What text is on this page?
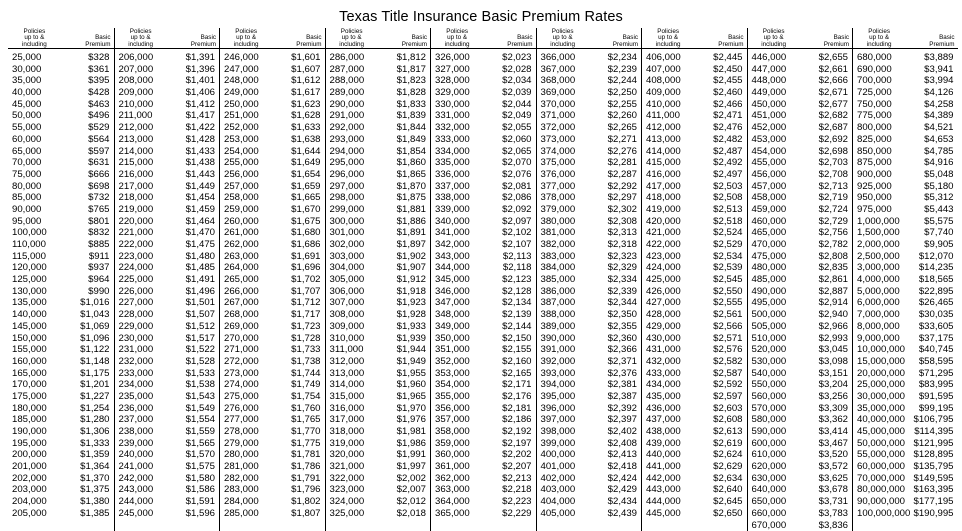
Texas Title Insurance Basic Premium Rates
Policies
up to &
including

Basic
Premium
25,000	$328
30,000	$361
35,000	$395
40,000	$428
45,000	$463
50,000	$496
55,000	$529
60,000	$564
65,000	$597
70,000	$631
75,000	$666
80,000	$698
85,000	$732
90,000	$765
95,000	$801
100,000	$832
110,000	$885
115,000	$911
120,000	$937
125,000	$964
130,000	$990
135,000	$1,016
140,000	$1,043
145,000	$1,069
150,000	$1,096
155,000	$1,122
160,000	$1,148
165,000	$1,175
170,000	$1,201
175,000	$1,227
180,000	$1,254
185,000	$1,280
190,000	$1,306
195,000	$1,333
200,000	$1,359
201,000	$1,364
202,000	$1,370
203,000	$1,375
204,000	$1,380
205,000	$1,385
Policies
up to &
including

Basic
Premium
206,000	$1,391
207,000	$1,396
208,000	$1,401
209,000	$1,406
210,000	$1,412
211,000	$1,417
212,000	$1,422
213,000	$1,428
214,000	$1,433
215,000	$1,438
216,000	$1,443
217,000	$1,449
218,000	$1,454
219,000	$1,459
220,000	$1,464
221,000	$1,470
222,000	$1,475
223,000	$1,480
224,000	$1,485
225,000	$1,491
226,000	$1,496
227,000	$1,501
228,000	$1,507
229,000	$1,512
230,000	$1,517
231,000	$1,522
232,000	$1,528
233,000	$1,533
234,000	$1,538
235,000	$1,543
236,000	$1,549
237,000	$1,554
238,000	$1,559
239,000	$1,565
240,000	$1,570
241,000	$1,575
242,000	$1,580
243,000	$1,586
244,000	$1,591
245,000	$1,596
Policies
up to &
including

Basic
Premium
246,000	$1,601
247,000	$1,607
248,000	$1,612
249,000	$1,617
250,000	$1,623
251,000	$1,628
252,000	$1,633
253,000	$1,638
254,000	$1,644
255,000	$1,649
256,000	$1,654
257,000	$1,659
258,000	$1,665
259,000	$1,670
260,000	$1,675
261,000	$1,680
262,000	$1,686
263,000	$1,691
264,000	$1,696
265,000	$1,702
266,000	$1,707
267,000	$1,712
268,000	$1,717
269,000	$1,723
270,000	$1,728
271,000	$1,733
272,000	$1,738
273,000	$1,744
274,000	$1,749
275,000	$1,754
276,000	$1,760
277,000	$1,765
278,000	$1,770
279,000	$1,775
280,000	$1,781
281,000	$1,786
282,000	$1,791
283,000	$1,796
284,000	$1,802
285,000	$1,807
Policies
up to &
including

Basic
Premium
286,000	$1,812
287,000	$1,817
288,000	$1,823
289,000	$1,828
290,000	$1,833
291,000	$1,839
292,000	$1,844
293,000	$1,849
294,000	$1,854
295,000	$1,860
296,000	$1,865
297,000	$1,870
298,000	$1,875
299,000	$1,881
300,000	$1,886
301,000	$1,891
302,000	$1,897
303,000	$1,902
304,000	$1,907
305,000	$1,912
306,000	$1,918
307,000	$1,923
308,000	$1,928
309,000	$1,933
310,000	$1,939
311,000	$1,944
312,000	$1,949
313,000	$1,955
314,000	$1,960
315,000	$1,965
316,000	$1,970
317,000	$1,976
318,000	$1,981
319,000	$1,986
320,000	$1,991
321,000	$1,997
322,000	$2,002
323,000	$2,007
324,000	$2,012
325,000	$2,018
Policies
up to &
including

Basic
Premium
326,000	$2,023
327,000	$2,028
328,000	$2,034
329,000	$2,039
330,000	$2,044
331,000	$2,049
332,000	$2,055
333,000	$2,060
334,000	$2,065
335,000	$2,070
336,000	$2,076
337,000	$2,081
338,000	$2,086
339,000	$2,092
340,000	$2,097
341,000	$2,102
342,000	$2,107
343,000	$2,113
344,000	$2,118
345,000	$2,123
346,000	$2,128
347,000	$2,134
348,000	$2,139
349,000	$2,144
350,000	$2,150
351,000	$2,155
352,000	$2,160
353,000	$2,165
354,000	$2,171
355,000	$2,176
356,000	$2,181
357,000	$2,186
358,000	$2,192
359,000	$2,197
360,000	$2,202
361,000	$2,207
362,000	$2,213
363,000	$2,218
364,000	$2,223
365,000	$2,229
Policies
up to &
including

Basic
Premium
366,000	$2,234
367,000	$2,239
368,000	$2,244
369,000	$2,250
370,000	$2,255
371,000	$2,260
372,000	$2,265
373,000	$2,271
374,000	$2,276
375,000	$2,281
376,000	$2,287
377,000	$2,292
378,000	$2,297
379,000	$2,302
380,000	$2,308
381,000	$2,313
382,000	$2,318
383,000	$2,323
384,000	$2,329
385,000	$2,334
386,000	$2,339
387,000	$2,344
388,000	$2,350
389,000	$2,355
390,000	$2,360
391,000	$2,366
392,000	$2,371
393,000	$2,376
394,000	$2,381
395,000	$2,387
396,000	$2,392
397,000	$2,397
398,000	$2,402
399,000	$2,408
400,000	$2,413
401,000	$2,418
402,000	$2,424
403,000	$2,429
404,000	$2,434
405,000	$2,439
Policies
up to &
including

Basic
Premium
406,000	$2,445
407,000	$2,450
408,000	$2,455
409,000	$2,460
410,000	$2,466
411,000	$2,471
412,000	$2,476
413,000	$2,482
414,000	$2,487
415,000	$2,492
416,000	$2,497
417,000	$2,503
418,000	$2,508
419,000	$2,513
420,000	$2,518
421,000	$2,524
422,000	$2,529
423,000	$2,534
424,000	$2,539
425,000	$2,545
426,000	$2,550
427,000	$2,555
428,000	$2,561
429,000	$2,566
430,000	$2,571
431,000	$2,576
432,000	$2,582
433,000	$2,587
434,000	$2,592
435,000	$2,597
436,000	$2,603
437,000	$2,608
438,000	$2,613
439,000	$2,619
440,000	$2,624
441,000	$2,629
442,000	$2,634
443,000	$2,640
444,000	$2,645
445,000	$2,650
Policies
up to &
including

Basic
Premium
446,000	$2,655
447,000	$2,661
448,000	$2,666
449,000	$2,671
450,000	$2,677
451,000	$2,682
452,000	$2,687
453,000	$2,692
454,000	$2,698
455,000	$2,703
456,000	$2,708
457,000	$2,713
458,000	$2,719
459,000	$2,724
460,000	$2,729
465,000	$2,756
470,000	$2,782
475,000	$2,808
480,000	$2,835
485,000	$2,861
490,000	$2,887
495,000	$2,914
500,000	$2,940
505,000	$2,966
510,000	$2,993
520,000	$3,045
530,000	$3,098
540,000	$3,151
550,000	$3,204
560,000	$3,256
570,000	$3,309
580,000	$3,362
590,000	$3,414
600,000	$3,467
610,000	$3,520
620,000	$3,572
630,000	$3,625
640,000	$3,678
650,000	$3,731
660,000	$3,783
670,000	$3,836
Policies
up to &
including

Basic
Premium
680,000	$3,889
690,000	$3,941
700,000	$3,994
725,000	$4,126
750,000	$4,258
775,000	$4,389
800,000	$4,521
825,000	$4,653
850,000	$4,785
875,000	$4,916
900,000	$5,048
925,000	$5,180
950,000	$5,312
975,000	$5,443
1,000,000	$5,575
1,500,000	$7,740
2,000,000	$9,905
2,500,000	$12,070
3,000,000	$14,235
4,000,000	$18,565
5,000,000	$22,895
6,000,000	$26,465
7,000,000	$30,035
8,000,000	$33,605
9,000,000	$37,175
10,000,000	$40,745
15,000,000	$58,595
20,000,000	$71,295
25,000,000	$83,995
30,000,000	$91,595
35,000,000	$99,195
40,000,000 $106,795
45,000,000 $114,395
50,000,000 $121,995
55,000,000 $128,895
60,000,000 $135,795
70,000,000 $149,595
80,000,000 $163,395
90,000,000 $177,195
100,000,000 $190,995
